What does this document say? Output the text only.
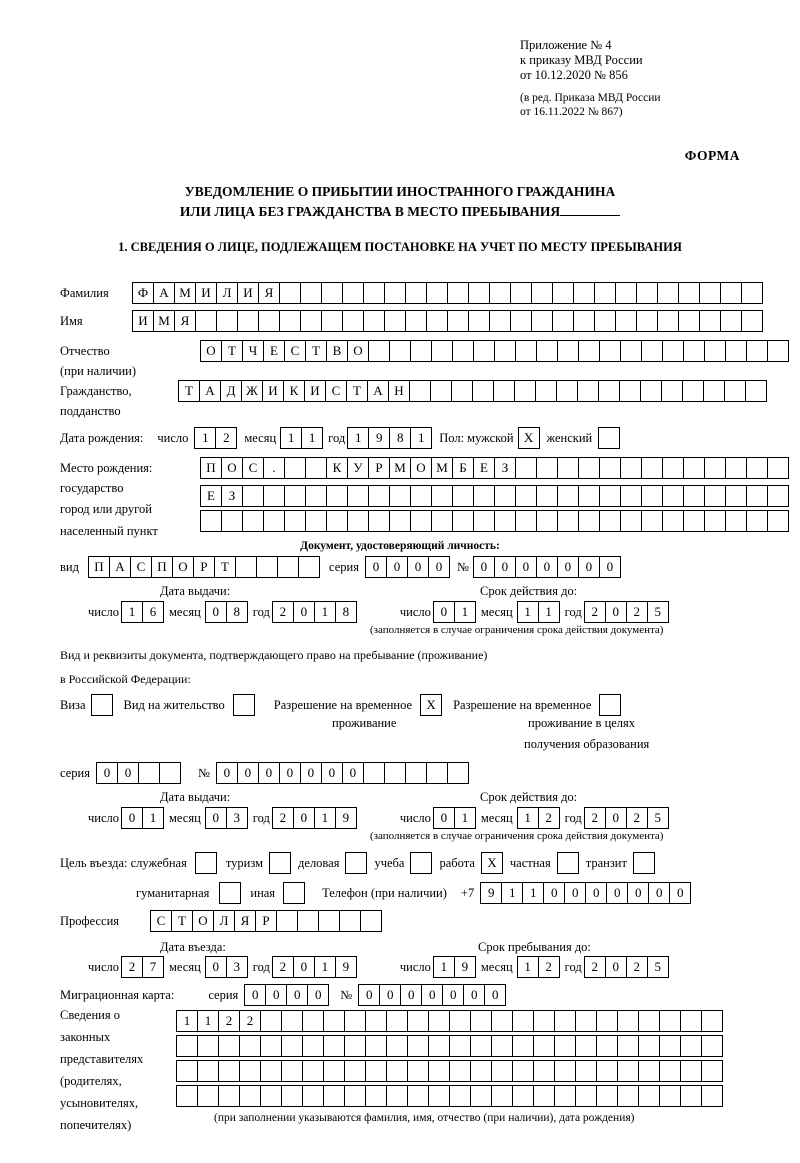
Приложение № 4
к приказу МВД России
от 10.12.2020 № 856
(в ред. Приказа МВД России
от 16.11.2022 № 867)
ФОРМА
УВЕДОМЛЕНИЕ О ПРИБЫТИИ ИНОСТРАННОГО ГРАЖДАНИНА
ИЛИ ЛИЦА БЕЗ ГРАЖДАНСТВА В МЕСТО ПРЕБЫВАНИЯ
1. СВЕДЕНИЯ О ЛИЦЕ, ПОДЛЕЖАЩЕМ ПОСТАНОВКЕ НА УЧЕТ ПО МЕСТУ ПРЕБЫВАНИЯ
Фамилия	Ф А М И Л И Я
Имя	И М Я
Отчество	О Т Ч Е С Т В О
(при наличии)
Гражданство,	Т А Д Ж И К И С Т А Н
подданство
Дата рождения: число	1	2	месяц 1	1	год 1	9	8	1	Пол: мужской X	женский
Место рождения:	П О С	.	К У Р М О М Б	Е	З
государство	Е	З
город или другой
населенный пункт
Документ, удостоверяющий личность:
вид	П А С П О Р	Т	серия	0	0	0	0	№ 0	0	0	0	0	0	0
Дата выдачи:	Срок действия до:
число 1	6	месяц 0	8	год 2	0	1	8	число 0	1	месяц 1	1	год 2	0	2	5
(заполняется в случае ограничения срока действия документа)
Вид и реквизиты документа, подтверждающего право на пребывание (проживание)
в Российской Федерации:
Виза	Вид на жительство	Разрешение на временное	X	Разрешение на временное
проживание	проживание в целях
получения образования
серия	0	0	№	0	0	0	0	0	0	0
Дата выдачи:	Срок действия до:
число 0	1	месяц 0	3	год 2	0	1	9	число 0	1	месяц 1	2	год 2	0	2	5
(заполняется в случае ограничения срока действия документа)
Цель въезда: служебная	туризм	деловая	учеба	работа X	частная	транзит
гуманитарная	иная	Телефон (при наличии) +7	9	1	1	0	0	0	0	0	0	0
Профессия	С Т О Л Я	Р
Дата въезда:	Срок пребывания до:
число 2	7	месяц 0	3	год 2	0	1	9	число 1	9	месяц 1	2	год 2	0	2	5
Миграционная карта:	серия	0	0	0	0	№	0	0	0	0	0	0	0
Сведения о
законных
представителях
(родителях,
усыновителях,
попечителях)
1	1	2	2
(при заполнении указываются фамилия, имя, отчество (при наличии), дата рождения)
